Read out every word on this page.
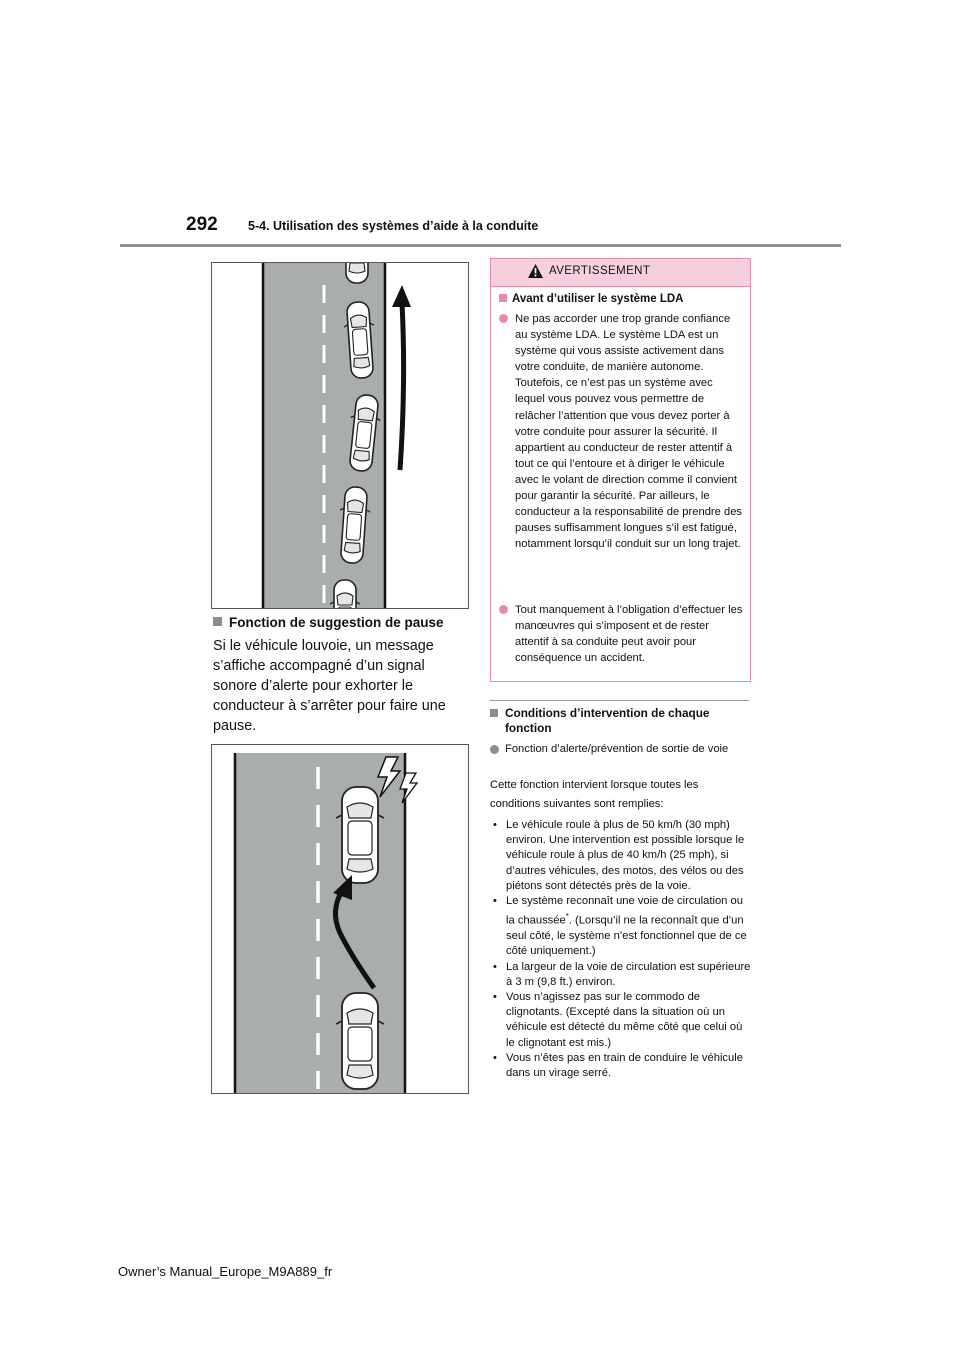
292 5-4. Utilisation des systèmes d’aide à la conduite
Fonction de suggestion de pause
Si le véhicule louvoie, un message s’affiche accompagné d’un signal sonore d’alerte pour exhorter le conducteur à s’arrêter pour faire une pause.
AVERTISSEMENT
Avant d’utiliser le système LDA
Ne pas accorder une trop grande confiance au système LDA. Le système LDA est un système qui vous assiste activement dans votre conduite, de manière autonome. Toutefois, ce n’est pas un système avec lequel vous pouvez vous permettre de relâcher l’attention que vous devez porter à votre conduite pour assurer la sécurité. Il appartient au conducteur de rester attentif à tout ce qui l’entoure et à diriger le véhicule avec le volant de direction comme il convient pour garantir la sécurité. Par ailleurs, le conducteur a la responsabilité de prendre des pauses suffisamment longues s’il est fatigué, notamment lorsqu’il conduit sur un long trajet.
Tout manquement à l’obligation d’effectuer les manœuvres qui s’imposent et de rester attentif à sa conduite peut avoir pour conséquence un accident.
Conditions d’intervention de chaque fonction
Fonction d’alerte/prévention de sortie de voie
Cette fonction intervient lorsque toutes les
conditions suivantes sont remplies:
• Le véhicule roule à plus de 50 km/h (30 mph) environ. Une intervention est possible lorsque le véhicule roule à plus de 40 km/h (25 mph), si d’autres véhicules, des motos, des vélos ou des piétons sont détectés près de la voie.
• Le système reconnaît une voie de circulation ou la chaussée*. (Lorsqu’il ne la reconnaît que d’un seul côté, le système n’est fonctionnel que de ce côté uniquement.)
• La largeur de la voie de circulation est supérieure à 3 m (9,8 ft.) environ.
• Vous n’agissez pas sur le commodo de clignotants. (Excepté dans la situation où un véhicule est détecté du même côté que celui où le clignotant est mis.)
• Vous n’êtes pas en train de conduire le véhicule dans un virage serré.
Owner’s Manual_Europe_M9A889_fr
